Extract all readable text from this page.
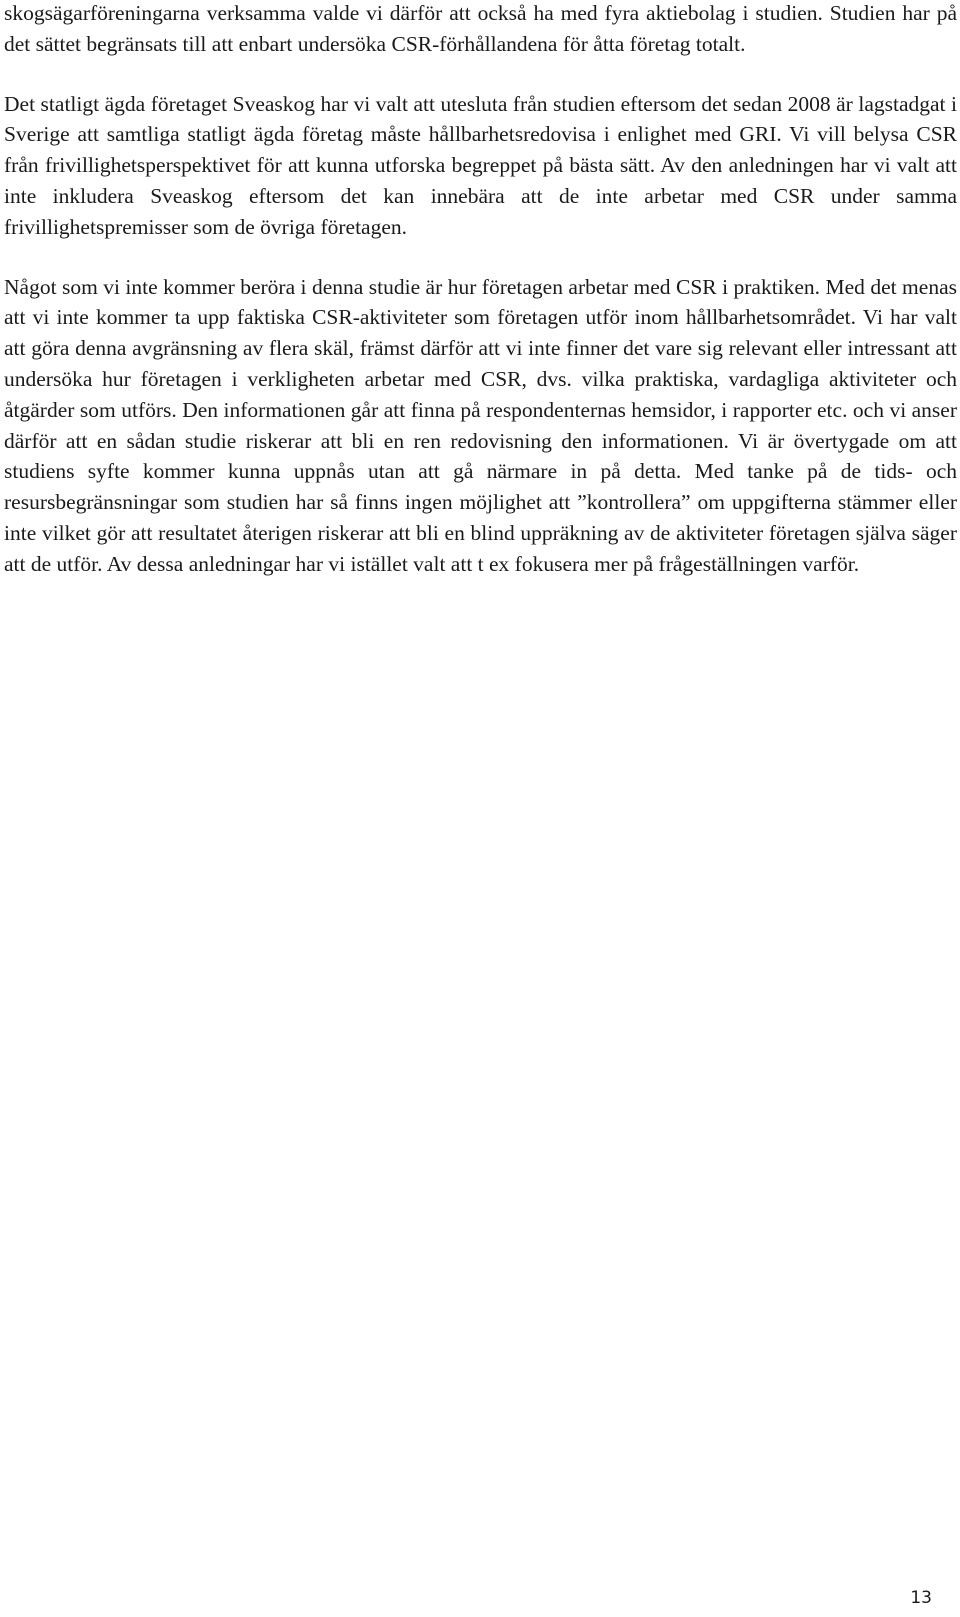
skogsägarföreningarna verksamma valde vi därför att också ha med fyra aktiebolag i studien. Studien har på det sättet begränsats till att enbart undersöka CSR-förhållandena för åtta företag totalt.

Det statligt ägda företaget Sveaskog har vi valt att utesluta från studien eftersom det sedan 2008 är lagstadgat i Sverige att samtliga statligt ägda företag måste hållbarhetsredovisa i enlighet med GRI. Vi vill belysa CSR från frivillighetsperspektivet för att kunna utforska begreppet på bästa sätt. Av den anledningen har vi valt att inte inkludera Sveaskog eftersom det kan innebära att de inte arbetar med CSR under samma frivillighetspremisser som de övriga företagen.

Något som vi inte kommer beröra i denna studie är hur företagen arbetar med CSR i praktiken. Med det menas att vi inte kommer ta upp faktiska CSR-aktiviteter som företagen utför inom hållbarhetsområdet. Vi har valt att göra denna avgränsning av flera skäl, främst därför att vi inte finner det vare sig relevant eller intressant att undersöka hur företagen i verkligheten arbetar med CSR, dvs. vilka praktiska, vardagliga aktiviteter och åtgärder som utförs. Den informationen går att finna på respondenternas hemsidor, i rapporter etc. och vi anser därför att en sådan studie riskerar att bli en ren redovisning den informationen. Vi är övertygade om att studiens syfte kommer kunna uppnås utan att gå närmare in på detta. Med tanke på de tids- och resursbegränsningar som studien har så finns ingen möjlighet att ”kontrollera” om uppgifterna stämmer eller inte vilket gör att resultatet återigen riskerar att bli en blind uppräkning av de aktiviteter företagen själva säger att de utför. Av dessa anledningar har vi istället valt att t ex fokusera mer på frågeställningen varför.

13
